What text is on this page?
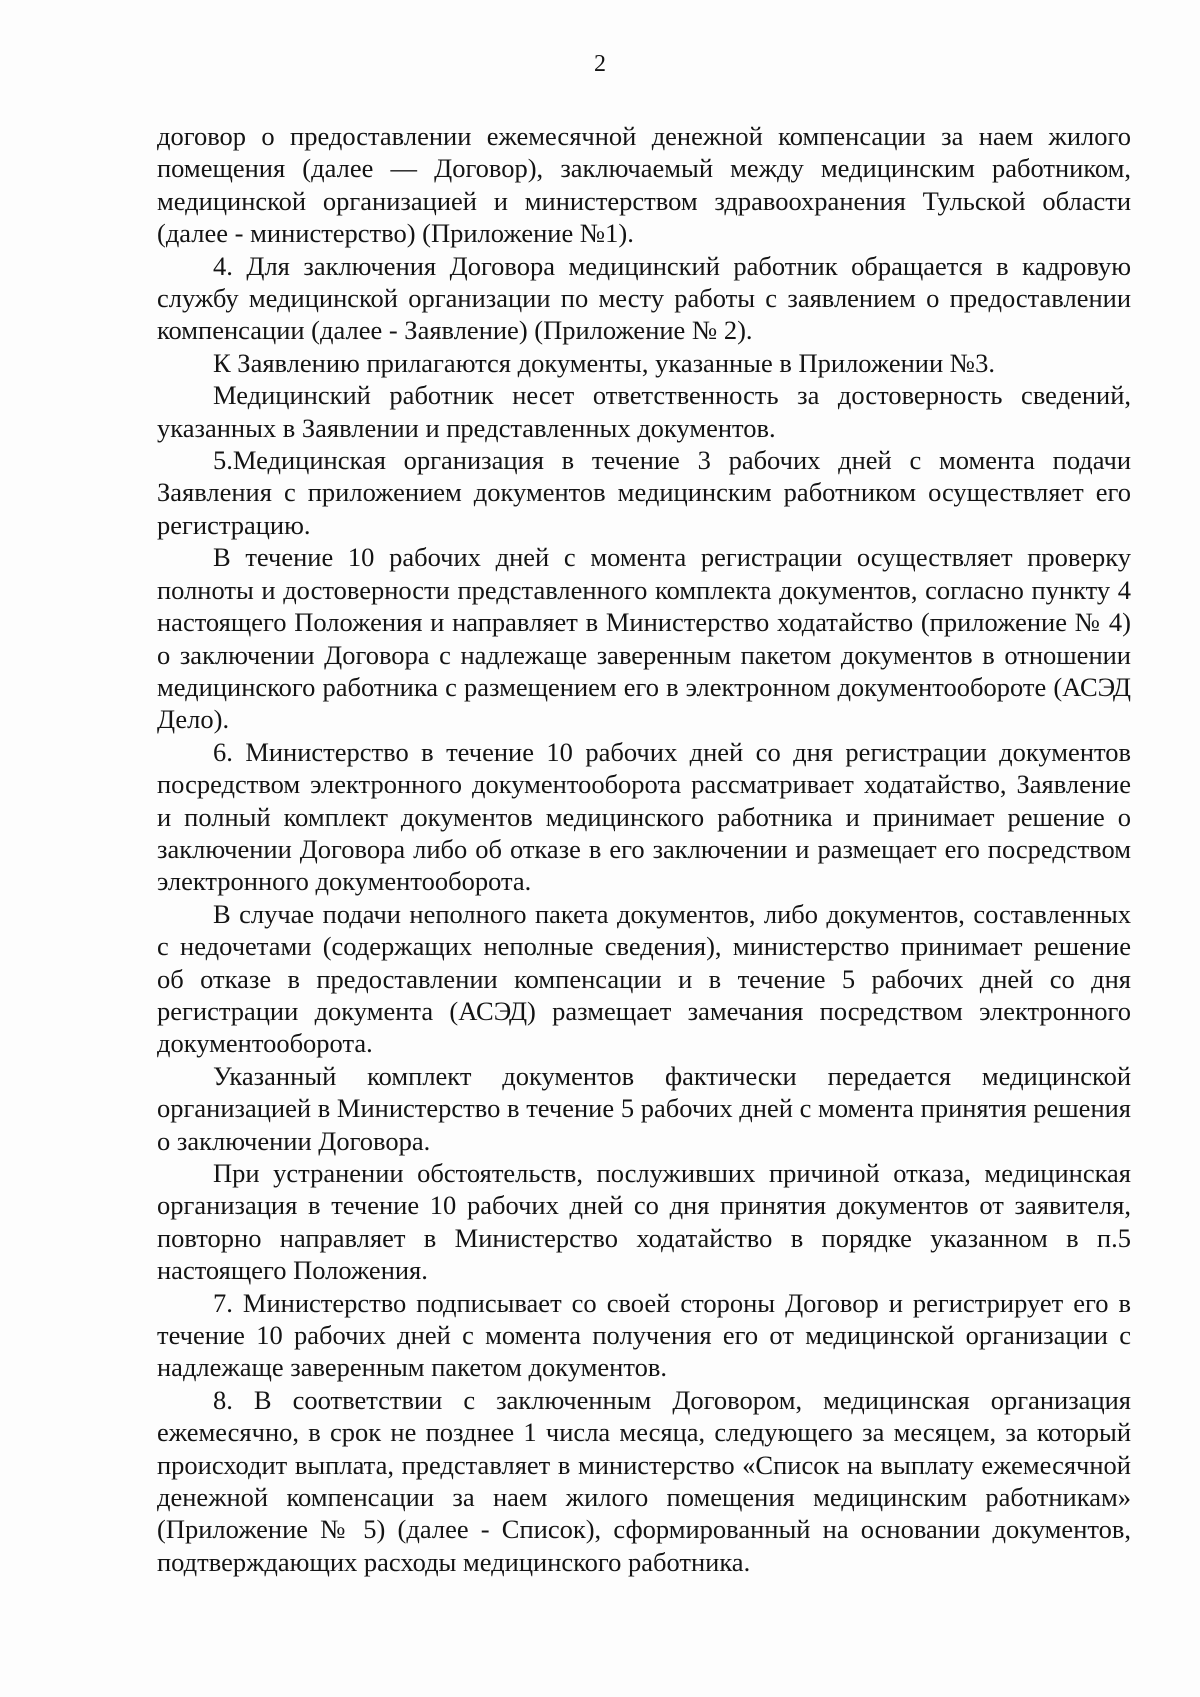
2

договор о предоставлении ежемесячной денежной компенсации за наем жилого помещения (далее — Договор), заключаемый между медицинским работником, медицинской организацией и министерством здравоохранения Тульской области (далее - министерство) (Приложение №1).

4. Для заключения Договора медицинский работник обращается в кадровую службу медицинской организации по месту работы с заявлением о предоставлении компенсации (далее - Заявление) (Приложение № 2).

К Заявлению прилагаются документы, указанные в Приложении №3.

Медицинский работник несет ответственность за достоверность сведений, указанных в Заявлении и представленных документов.

5.Медицинская организация в течение 3 рабочих дней с момента подачи Заявления с приложением документов медицинским работником осуществляет его регистрацию.

В течение 10 рабочих дней с момента регистрации осуществляет проверку полноты и достоверности представленного комплекта документов, согласно пункту 4 настоящего Положения и направляет в Министерство ходатайство (приложение № 4) о заключении Договора с надлежаще заверенным пакетом документов в отношении медицинского работника с размещением его в электронном документообороте (АСЭД Дело).

6. Министерство в течение 10 рабочих дней со дня регистрации документов посредством электронного документооборота рассматривает ходатайство, Заявление и полный комплект документов медицинского работника и принимает решение о заключении Договора либо об отказе в его заключении и размещает его посредством электронного документооборота.

В случае подачи неполного пакета документов, либо документов, составленных с недочетами (содержащих неполные сведения), министерство принимает решение об отказе в предоставлении компенсации и в течение 5 рабочих дней со дня регистрации документа (АСЭД) размещает замечания посредством электронного документооборота.

Указанный комплект документов фактически передается медицинской организацией в Министерство в течение 5 рабочих дней с момента принятия решения о заключении Договора.

При устранении обстоятельств, послуживших причиной отказа, медицинская организация в течение 10 рабочих дней со дня принятия документов от заявителя, повторно направляет в Министерство ходатайство в порядке указанном в п.5 настоящего Положения.

7. Министерство подписывает со своей стороны Договор и регистрирует его в течение 10 рабочих дней с момента получения его от медицинской организации с надлежаще заверенным пакетом документов.

8. В соответствии с заключенным Договором, медицинская организация ежемесячно, в срок не позднее 1 числа месяца, следующего за месяцем, за который происходит выплата, представляет в министерство «Список на выплату ежемесячной денежной компенсации за наем жилого помещения медицинским работникам» (Приложение № 5) (далее - Список), сформированный на основании документов, подтверждающих расходы медицинского работника.
